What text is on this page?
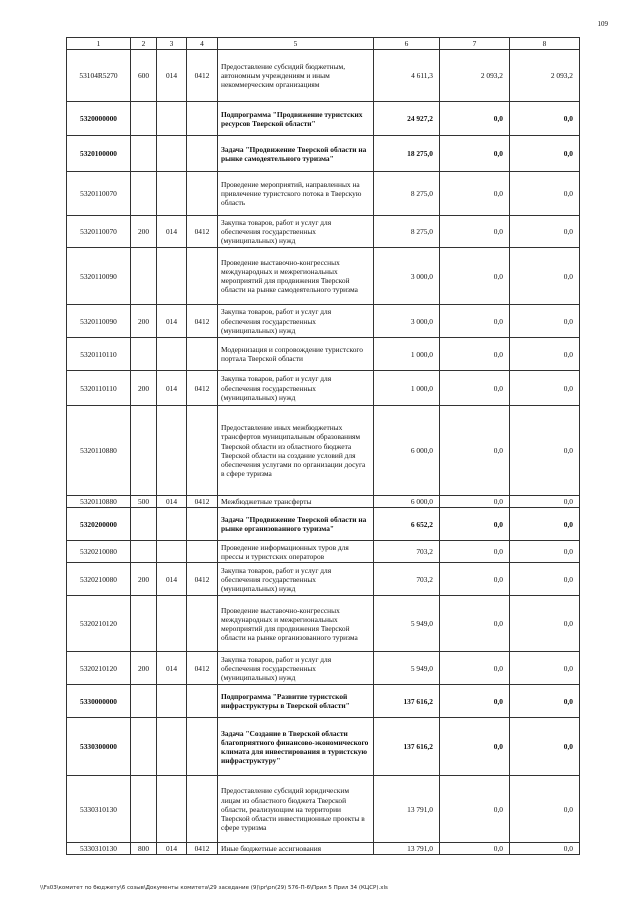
109
1	2	3	4	5	6	7	8
53104R5270	600	014	0412	Предоставление субсидий бюджетным, автономным учреждениям и иным некоммерческим организациям	4 611,3	2 093,2	2 093,2
5320000000				Подпрограмма "Продвижение туристских ресурсов Тверской области"	24 927,2	0,0	0,0
5320100000				Задача "Продвижение Тверской области на рынке самодеятельного туризма"	18 275,0	0,0	0,0
5320110070				Проведение мероприятий, направленных на привлечение туристского потока в Тверскую область	8 275,0	0,0	0,0
5320110070	200	014	0412	Закупка товаров, работ и услуг для обеспечения государственных (муниципальных) нужд	8 275,0	0,0	0,0
5320110090				Проведение выставочно-конгрессных международных и межрегиональных мероприятий для продвижения Тверской области на рынке самодеятельного туризма	3 000,0	0,0	0,0
5320110090	200	014	0412	Закупка товаров, работ и услуг для обеспечения государственных (муниципальных) нужд	3 000,0	0,0	0,0
5320110110				Модернизация и сопровождение туристского портала Тверской области	1 000,0	0,0	0,0
5320110110	200	014	0412	Закупка товаров, работ и услуг для обеспечения государственных (муниципальных) нужд	1 000,0	0,0	0,0
5320110880				Предоставление иных межбюджетных трансфертов муниципальным образованиям Тверской области из областного бюджета Тверской области на создание условий для обеспечения услугами по организации досуга в сфере туризма	6 000,0	0,0	0,0
5320110880	500	014	0412	Межбюджетные трансферты	6 000,0	0,0	0,0
5320200000				Задача "Продвижение Тверской области на рынке организованного туризма"	6 652,2	0,0	0,0
5320210080				Проведение информационных туров для прессы и туристских операторов	703,2	0,0	0,0
5320210080	200	014	0412	Закупка товаров, работ и услуг для обеспечения государственных (муниципальных) нужд	703,2	0,0	0,0
5320210120				Проведение выставочно-конгрессных международных и межрегиональных мероприятий для продвижения Тверской области на рынке организованного туризма	5 949,0	0,0	0,0
5320210120	200	014	0412	Закупка товаров, работ и услуг для обеспечения государственных (муниципальных) нужд	5 949,0	0,0	0,0
5330000000				Подпрограмма "Развитие туристской инфраструктуры в Тверской области"	137 616,2	0,0	0,0
5330300000				Задача "Создание в Тверской области благоприятного финансово-экономического климата для инвестирования в туристскую инфраструктуру"	137 616,2	0,0	0,0
5330310130				Предоставление субсидий юридическим лицам из областного бюджета Тверской области, реализующим на территории Тверской области инвестиционные проекты в сфере туризма	13 791,0	0,0	0,0
5330310130	800	014	0412	Иные бюджетные ассигнования	13 791,0	0,0	0,0
\\Fs03\комитет по бюджету\6 созыв\Документы комитета\29 заседание (9)\pr\pn(29) 576-П-6\Прил 5 Прил 34 (КЦСР).xls
